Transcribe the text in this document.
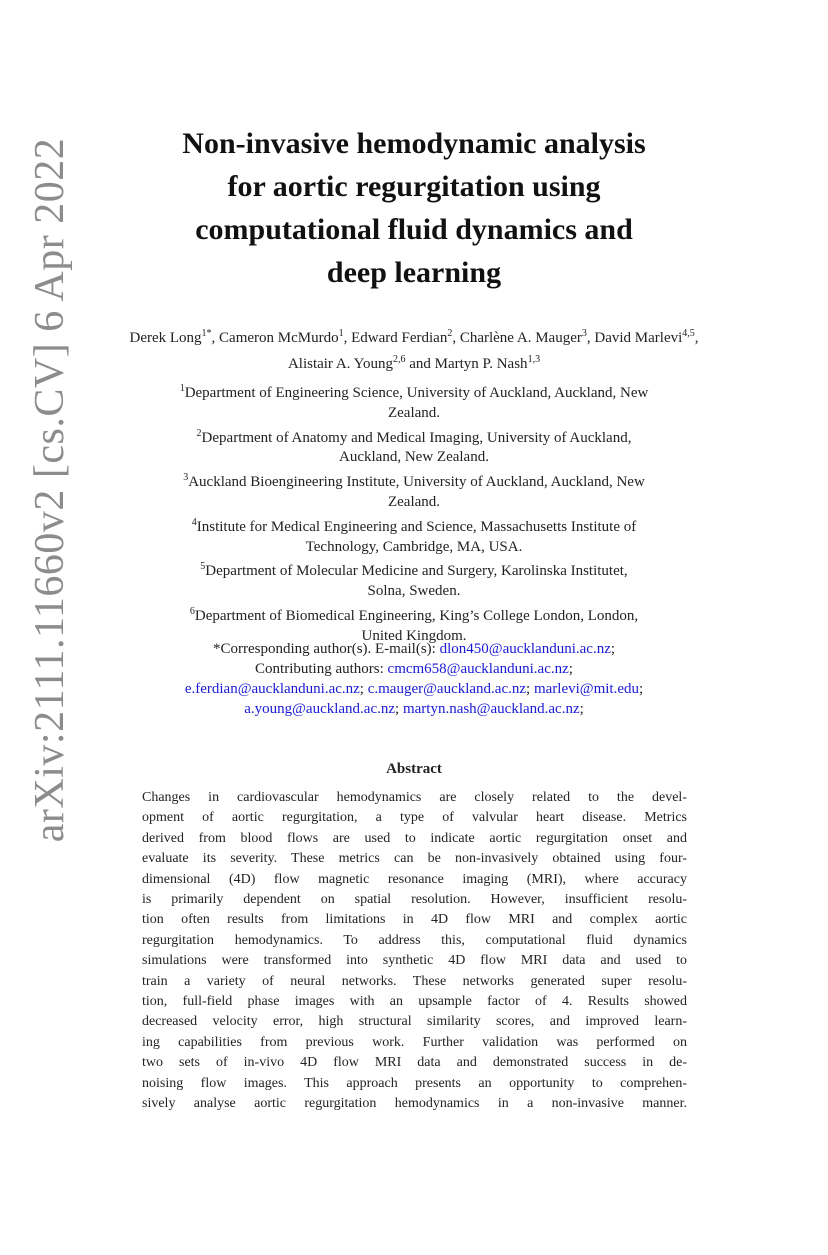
arXiv:2111.11660v2 [cs.CV] 6 Apr 2022	Non-invasive hemodynamic analysis
for aortic regurgitation using
computational fluid dynamics and
deep learning
Derek Long$^{1*}$, Cameron McMurdo$^1$, Edward Ferdian$^2$, Charlène A. Mauger$^3$, David Marlevi$^{4,5}$, Alistair A. Young$^{2,6}$ and Martyn P. Nash$^{1,3}$
$^1$Department of Engineering Science, University of Auckland, Auckland, New
Zealand.
$^2$Department of Anatomy and Medical Imaging, University of Auckland,
Auckland, New Zealand.
$^3$Auckland Bioengineering Institute, University of Auckland, Auckland, New
Zealand.
$^4$Institute for Medical Engineering and Science, Massachusetts Institute of
Technology, Cambridge, MA, USA.
$^5$Department of Molecular Medicine and Surgery, Karolinska Institutet,
Solna, Sweden.
$^6$Department of Biomedical Engineering, King’s College London, London,
United Kingdom.
*Corresponding author(s). E-mail(s): dlon450@aucklanduni.ac.nz;
Contributing authors: cmcm658@aucklanduni.ac.nz;
e.ferdian@aucklanduni.ac.nz; c.mauger@auckland.ac.nz; marlevi@mit.edu;
a.young@auckland.ac.nz; martyn.nash@auckland.ac.nz;
Abstract
Changes in cardiovascular hemodynamics are closely related to the devel-
opment of aortic regurgitation, a type of valvular heart disease. Metrics
derived from blood flows are used to indicate aortic regurgitation onset and
evaluate its severity. These metrics can be non-invasively obtained using four-
dimensional (4D) flow magnetic resonance imaging (MRI), where accuracy
is primarily dependent on spatial resolution. However, insufficient resolu-
tion often results from limitations in 4D flow MRI and complex aortic
regurgitation hemodynamics. To address this, computational fluid dynamics
simulations were transformed into synthetic 4D flow MRI data and used to
train a variety of neural networks. These networks generated super resolu-
tion, full-field phase images with an upsample factor of 4. Results showed
decreased velocity error, high structural similarity scores, and improved learn-
ing capabilities from previous work. Further validation was performed on
two sets of in-vivo 4D flow MRI data and demonstrated success in de-
noising flow images. This approach presents an opportunity to comprehen-
sively analyse aortic regurgitation hemodynamics in a non-invasive manner.
